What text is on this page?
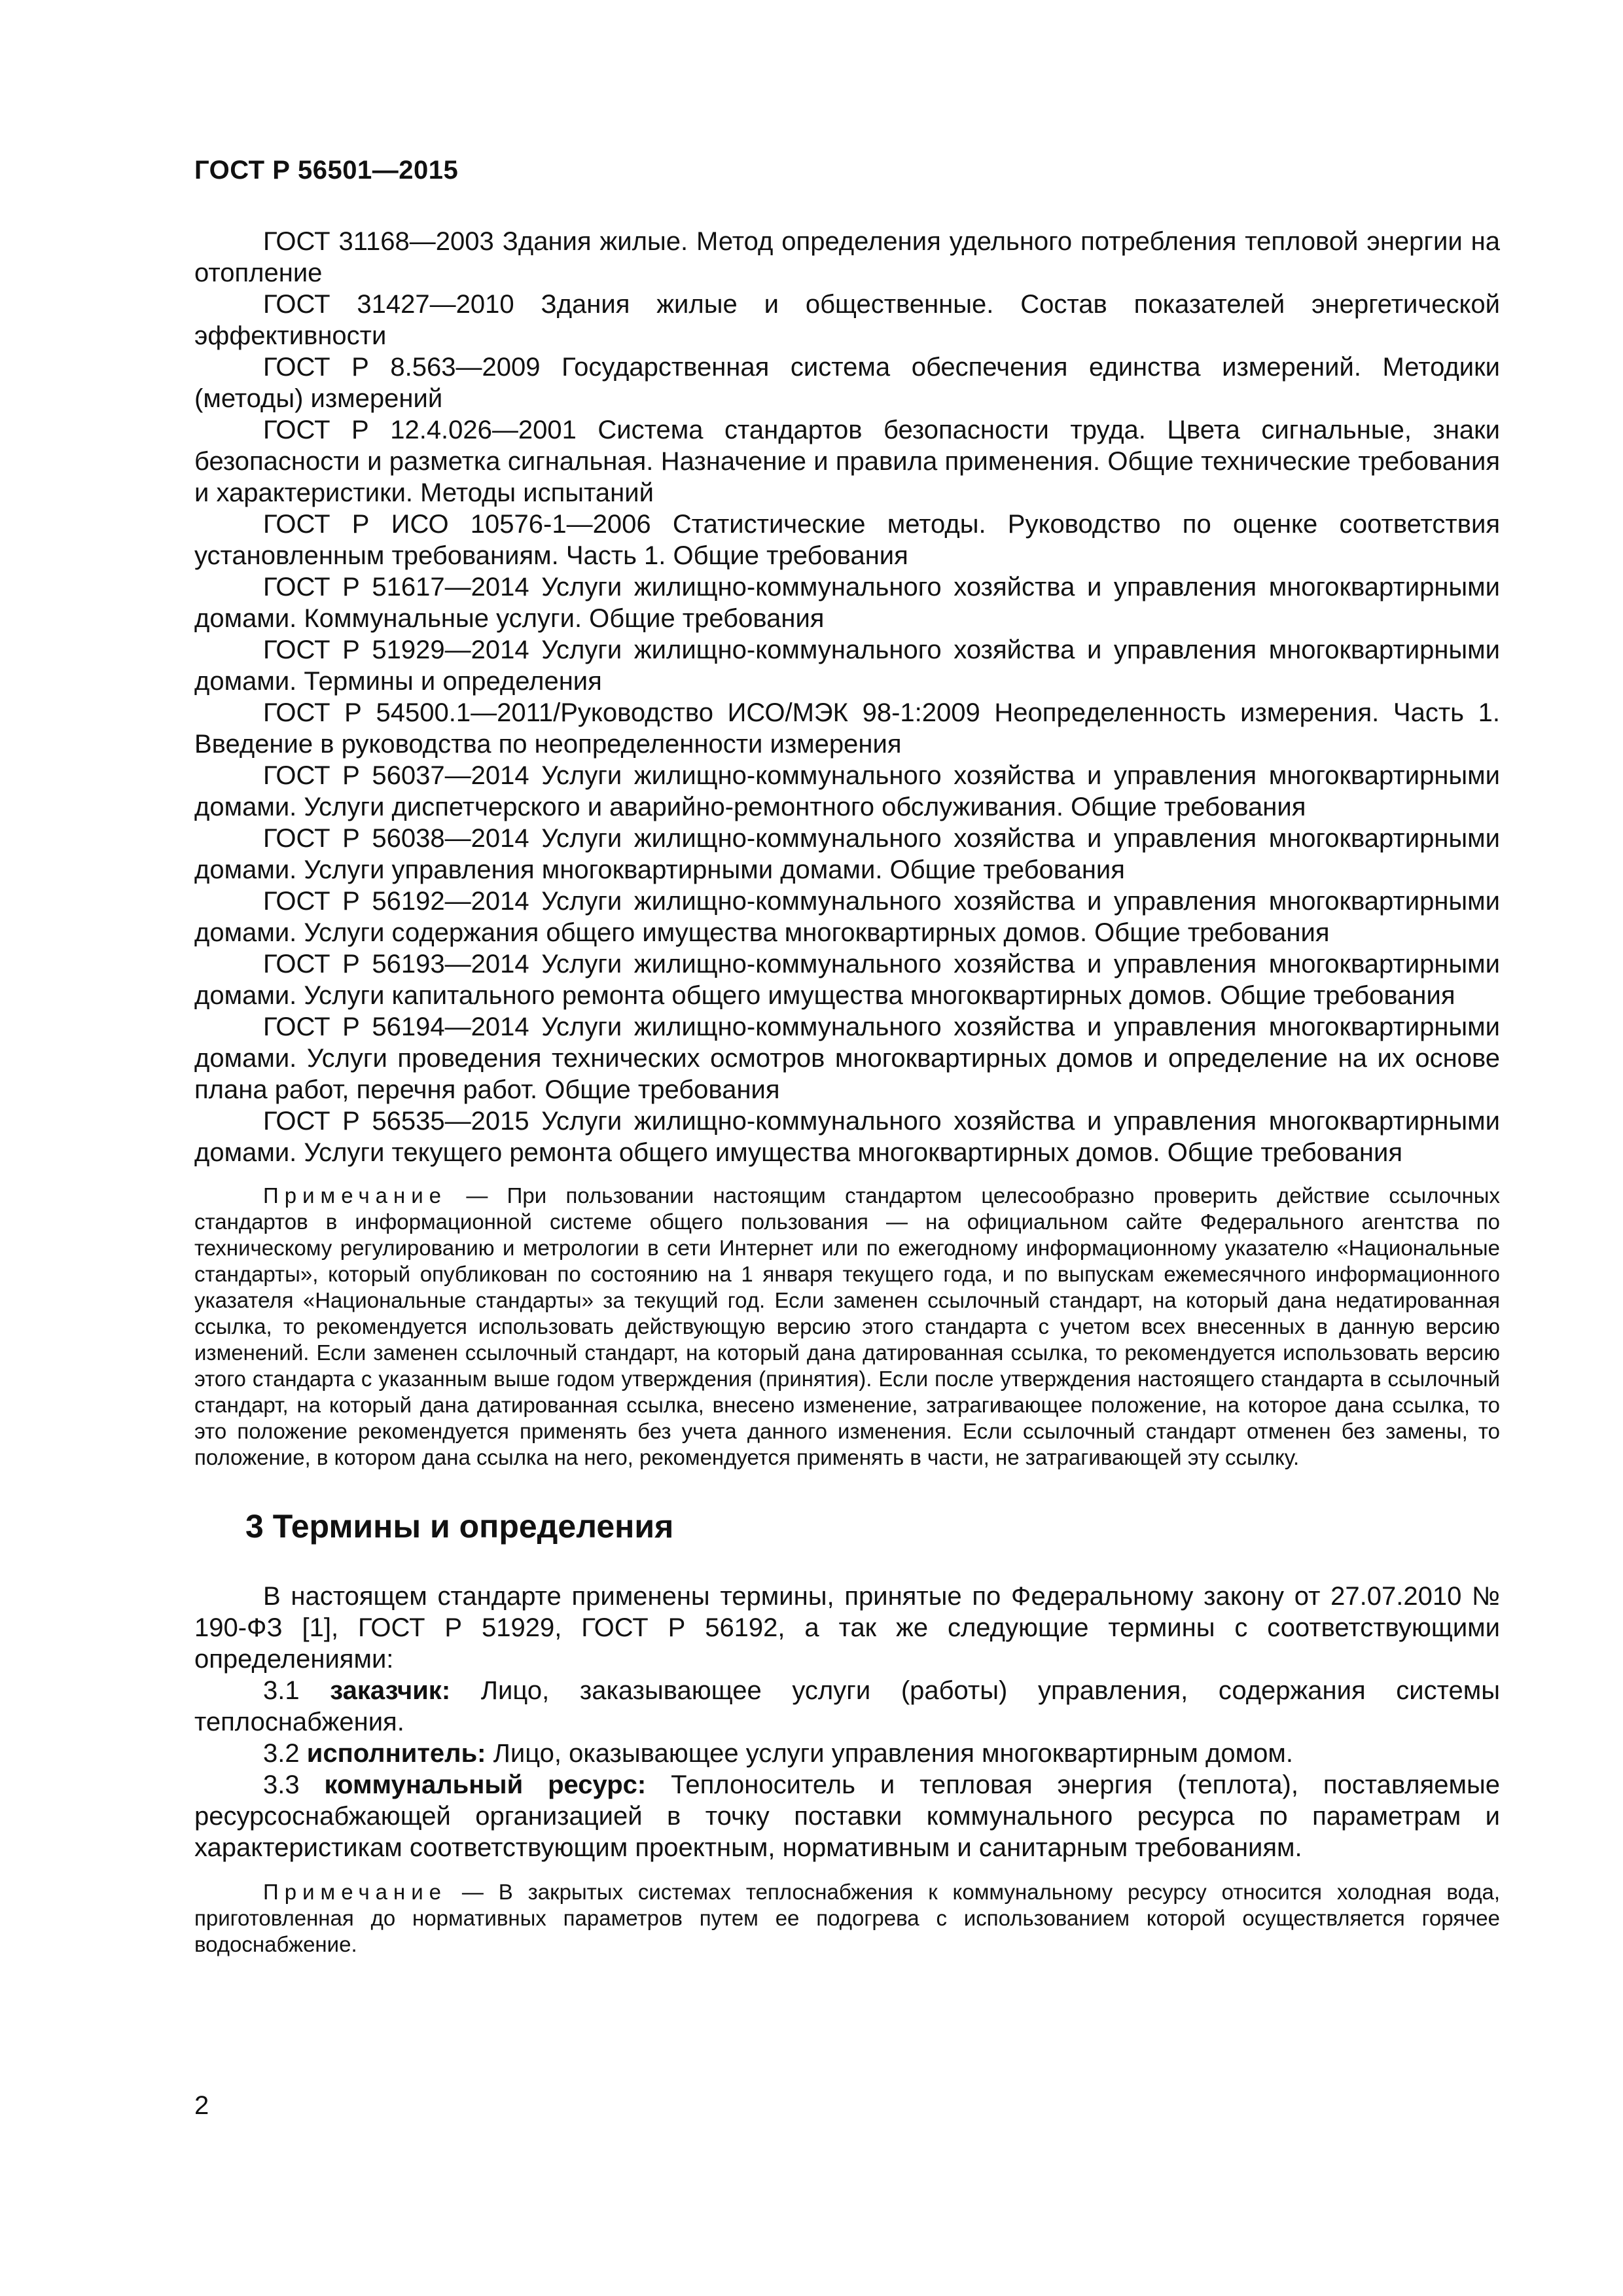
ГОСТ Р 56501—2015

ГОСТ 31168—2003 Здания жилые. Метод определения удельного потребления тепловой энергии на отопление

ГОСТ 31427—2010 Здания жилые и общественные. Состав показателей энергетической эффективности

ГОСТ Р 8.563—2009 Государственная система обеспечения единства измерений. Методики (методы) измерений

ГОСТ Р 12.4.026—2001 Система стандартов безопасности труда. Цвета сигнальные, знаки безопасности и разметка сигнальная. Назначение и правила применения. Общие технические требования и характеристики. Методы испытаний

ГОСТ Р ИСО 10576-1—2006 Статистические методы. Руководство по оценке соответствия установленным требованиям. Часть 1. Общие требования

ГОСТ Р 51617—2014 Услуги жилищно-коммунального хозяйства и управления многоквартирными домами. Коммунальные услуги. Общие требования

ГОСТ Р 51929—2014 Услуги жилищно-коммунального хозяйства и управления многоквартирными домами. Термины и определения

ГОСТ Р 54500.1—2011/Руководство ИСО/МЭК 98-1:2009 Неопределенность измерения. Часть 1. Введение в руководства по неопределенности измерения

ГОСТ Р 56037—2014 Услуги жилищно-коммунального хозяйства и управления многоквартирными домами. Услуги диспетчерского и аварийно-ремонтного обслуживания. Общие требования

ГОСТ Р 56038—2014 Услуги жилищно-коммунального хозяйства и управления многоквартирными домами. Услуги управления многоквартирными домами. Общие требования

ГОСТ Р 56192—2014 Услуги жилищно-коммунального хозяйства и управления многоквартирными домами. Услуги содержания общего имущества многоквартирных домов. Общие требования

ГОСТ Р 56193—2014 Услуги жилищно-коммунального хозяйства и управления многоквартирными домами. Услуги капитального ремонта общего имущества многоквартирных домов. Общие требования

ГОСТ Р 56194—2014 Услуги жилищно-коммунального хозяйства и управления многоквартирными домами. Услуги проведения технических осмотров многоквартирных домов и определение на их основе плана работ, перечня работ. Общие требования

ГОСТ Р 56535—2015 Услуги жилищно-коммунального хозяйства и управления многоквартирными домами. Услуги текущего ремонта общего имущества многоквартирных домов. Общие требования

Примечание — При пользовании настоящим стандартом целесообразно проверить действие ссылочных стандартов в информационной системе общего пользования — на официальном сайте Федерального агентства по техническому регулированию и метрологии в сети Интернет или по ежегодному информационному указателю «Национальные стандарты», который опубликован по состоянию на 1 января текущего года, и по выпускам ежемесячного информационного указателя «Национальные стандарты» за текущий год. Если заменен ссылочный стандарт, на который дана недатированная ссылка, то рекомендуется использовать действующую версию этого стандарта с учетом всех внесенных в данную версию изменений. Если заменен ссылочный стандарт, на который дана датированная ссылка, то рекомендуется использовать версию этого стандарта с указанным выше годом утверждения (принятия). Если после утверждения настоящего стандарта в ссылочный стандарт, на который дана датированная ссылка, внесено изменение, затрагивающее положение, на которое дана ссылка, то это положение рекомендуется применять без учета данного изменения. Если ссылочный стандарт отменен без замены, то положение, в котором дана ссылка на него, рекомендуется применять в части, не затрагивающей эту ссылку.

3 Термины и определения

В настоящем стандарте применены термины, принятые по Федеральному закону от 27.07.2010 № 190-ФЗ [1], ГОСТ Р 51929, ГОСТ Р 56192, а так же следующие термины с соответствующими определениями:

3.1 заказчик: Лицо, заказывающее услуги (работы) управления, содержания системы теплоснабжения.

3.2 исполнитель: Лицо, оказывающее услуги управления многоквартирным домом.

3.3 коммунальный ресурс: Теплоноситель и тепловая энергия (теплота), поставляемые ресурсоснабжающей организацией в точку поставки коммунального ресурса по параметрам и характеристикам соответствующим проектным, нормативным и санитарным требованиям.

Примечание — В закрытых системах теплоснабжения к коммунальному ресурсу относится холодная вода, приготовленная до нормативных параметров путем ее подогрева с использованием которой осуществляется горячее водоснабжение.

2
